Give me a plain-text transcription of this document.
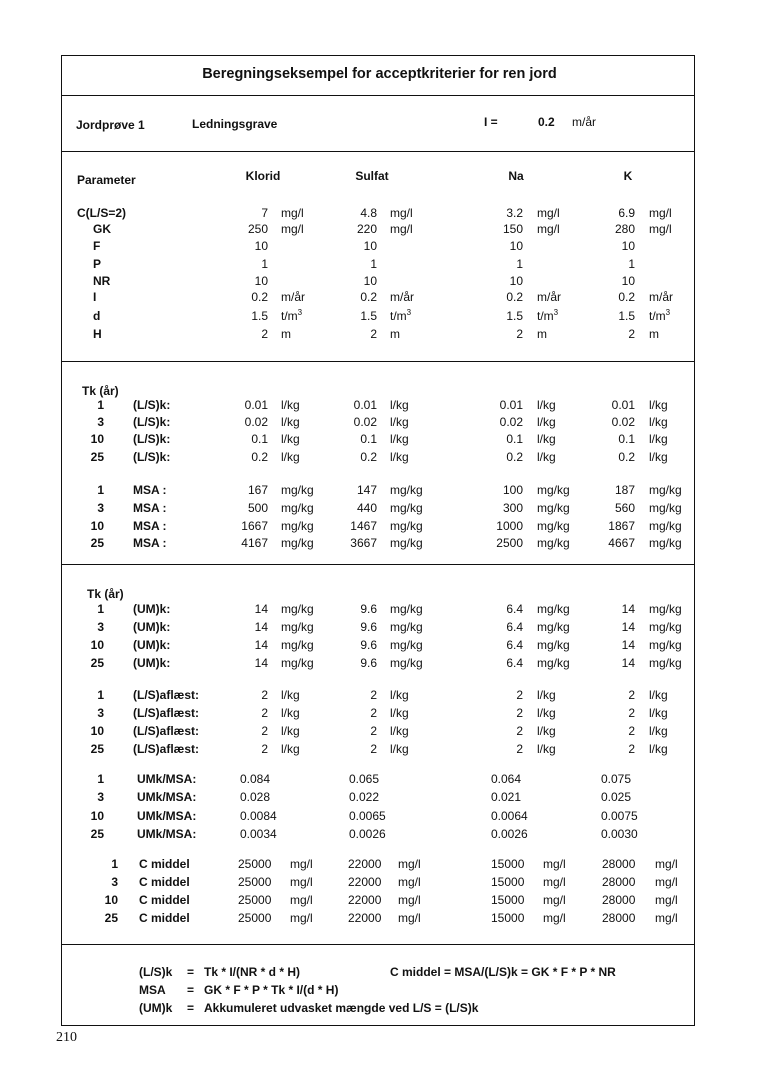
Beregningseksempel for acceptkriterier for ren jord
Jordprøve 1	Ledningsgrave	I =	0.2 m/år
Parameter	Klorid	Sulfat	Na	K
C(L/S=2)	7 mg/l	4.8 mg/l	3.2 mg/l	6.9 mg/l
GK	250 mg/l	220 mg/l	150 mg/l	280 mg/l
F	10	10	10	10
P	1	1	1	1
NR	10	10	10	10
I	0.2 m/år	0.2 m/år	0.2 m/år	0.2 m/år
d	1.5 $t/m^3$	1.5 $t/m^3$	1.5 $t/m^3$	1.5 $t/m^3$
H	2 m	2 m	2 m	2 m
Tk (år)
1 (L/S)k:	0.01 l/kg	0.01 l/kg	0.01 l/kg	0.01 l/kg
3 (L/S)k:	0.02 l/kg	0.02 l/kg	0.02 l/kg	0.02 l/kg
10 (L/S)k:	0.1 l/kg	0.1 l/kg	0.1 l/kg	0.1 l/kg
25 (L/S)k:	0.2 l/kg	0.2 l/kg	0.2 l/kg	0.2 l/kg
1 MSA :	167 mg/kg	147 mg/kg	100 mg/kg	187 mg/kg
3 MSA :	500 mg/kg	440 mg/kg	300 mg/kg	560 mg/kg
10 MSA :	1667 mg/kg	1467 mg/kg	1000 mg/kg	1867 mg/kg
25 MSA :	4167 mg/kg	3667 mg/kg	2500 mg/kg	4667 mg/kg
Tk (år)
1 (UM)k:	14 mg/kg	9.6 mg/kg	6.4 mg/kg	14 mg/kg
3 (UM)k:	14 mg/kg	9.6 mg/kg	6.4 mg/kg	14 mg/kg
10 (UM)k:	14 mg/kg	9.6 mg/kg	6.4 mg/kg	14 mg/kg
25 (UM)k:	14 mg/kg	9.6 mg/kg	6.4 mg/kg	14 mg/kg
1 (L/S)aflæst:	2 l/kg	2 l/kg	2 l/kg	2 l/kg
3 (L/S)aflæst:	2 l/kg	2 l/kg	2 l/kg	2 l/kg
10 (L/S)aflæst:	2 l/kg	2 l/kg	2 l/kg	2 l/kg
25 (L/S)aflæst:	2 l/kg	2 l/kg	2 l/kg	2 l/kg
1	UMk/MSA:	0.084	0.065	0.064	0.075
3	UMk/MSA:	0.028	0.022	0.021	0.025
10	UMk/MSA:	0.0084	0.0065	0.0064	0.0075
25	UMk/MSA:	0.0034	0.0026	0.0026	0.0030
1 C middel	25000 mg/l	22000 mg/l	15000 mg/l	28000 mg/l
3 C middel	25000 mg/l	22000 mg/l	15000 mg/l	28000 mg/l
10 C middel	25000 mg/l	22000 mg/l	15000 mg/l	28000 mg/l
25 C middel	25000 mg/l	22000 mg/l	15000 mg/l	28000 mg/l
(L/S)k = Tk * I/(NR * d * H)
MSA = GK * F * P * Tk * I/(d * H)
(UM)k = Akkumuleret udvasket mængde ved L/S = (L/S)k
C middel = MSA/(L/S)k = GK * F * P * NR
210
